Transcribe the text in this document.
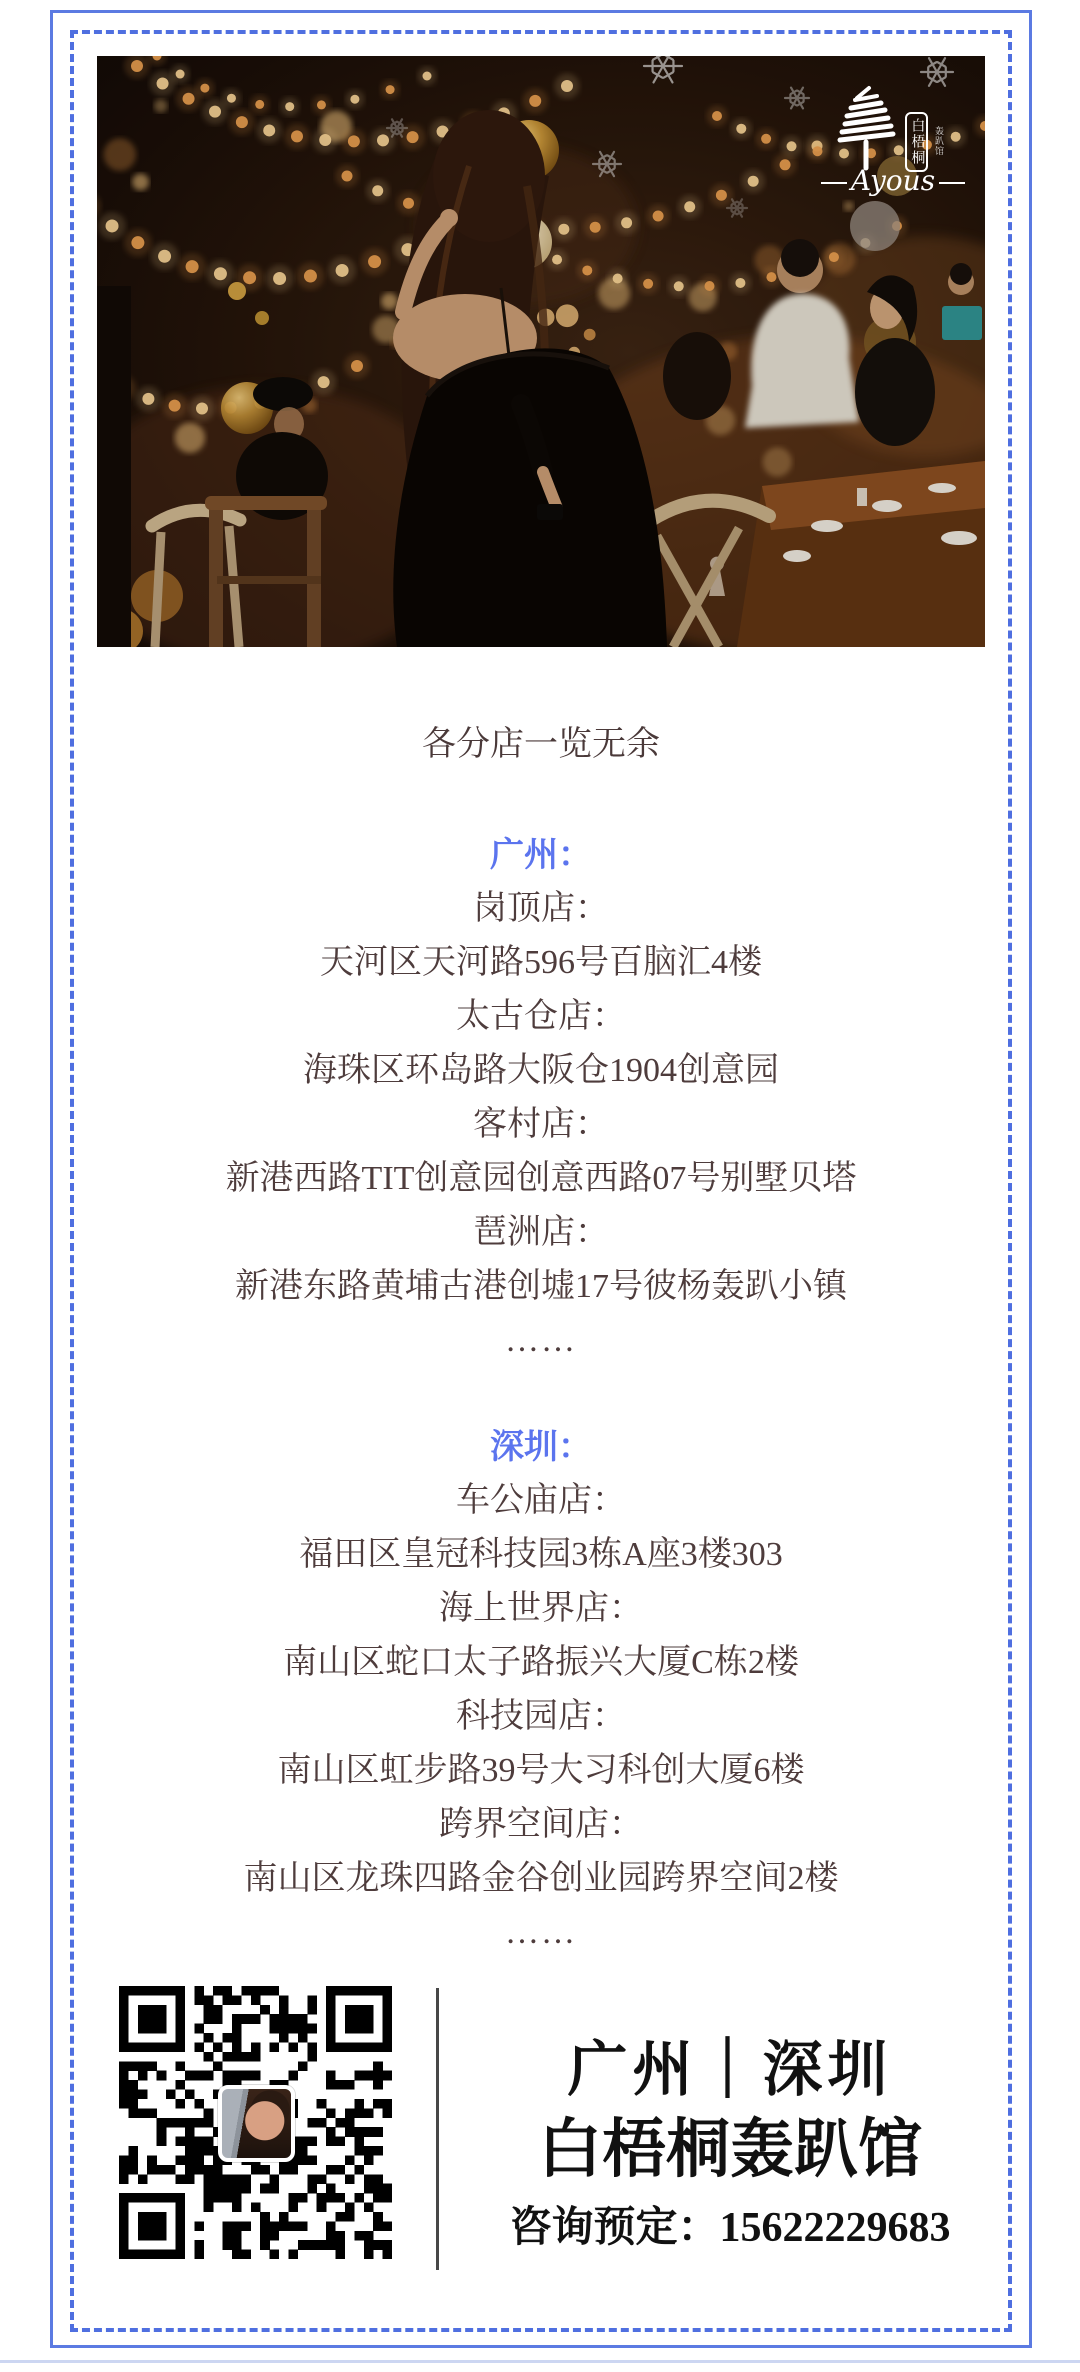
白梧桐	轰趴馆
Ayous
各分店一览无余
广州：
岗顶店：
天河区天河路596号百脑汇4楼
太古仓店：
海珠区环岛路大阪仓1904创意园
客村店：
新港西路TIT创意园创意西路07号别墅贝塔
琶洲店：
新港东路黄埔古港创墟17号彼杨轰趴小镇
……
深圳：
车公庙店：
福田区皇冠科技园3栋A座3楼303
海上世界店：
南山区蛇口太子路振兴大厦C栋2楼
科技园店：
南山区虹步路39号大习科创大厦6楼
跨界空间店：
南山区龙珠四路金谷创业园跨界空间2楼
……
广州｜深圳
白梧桐轰趴馆
咨询预定：15622229683
